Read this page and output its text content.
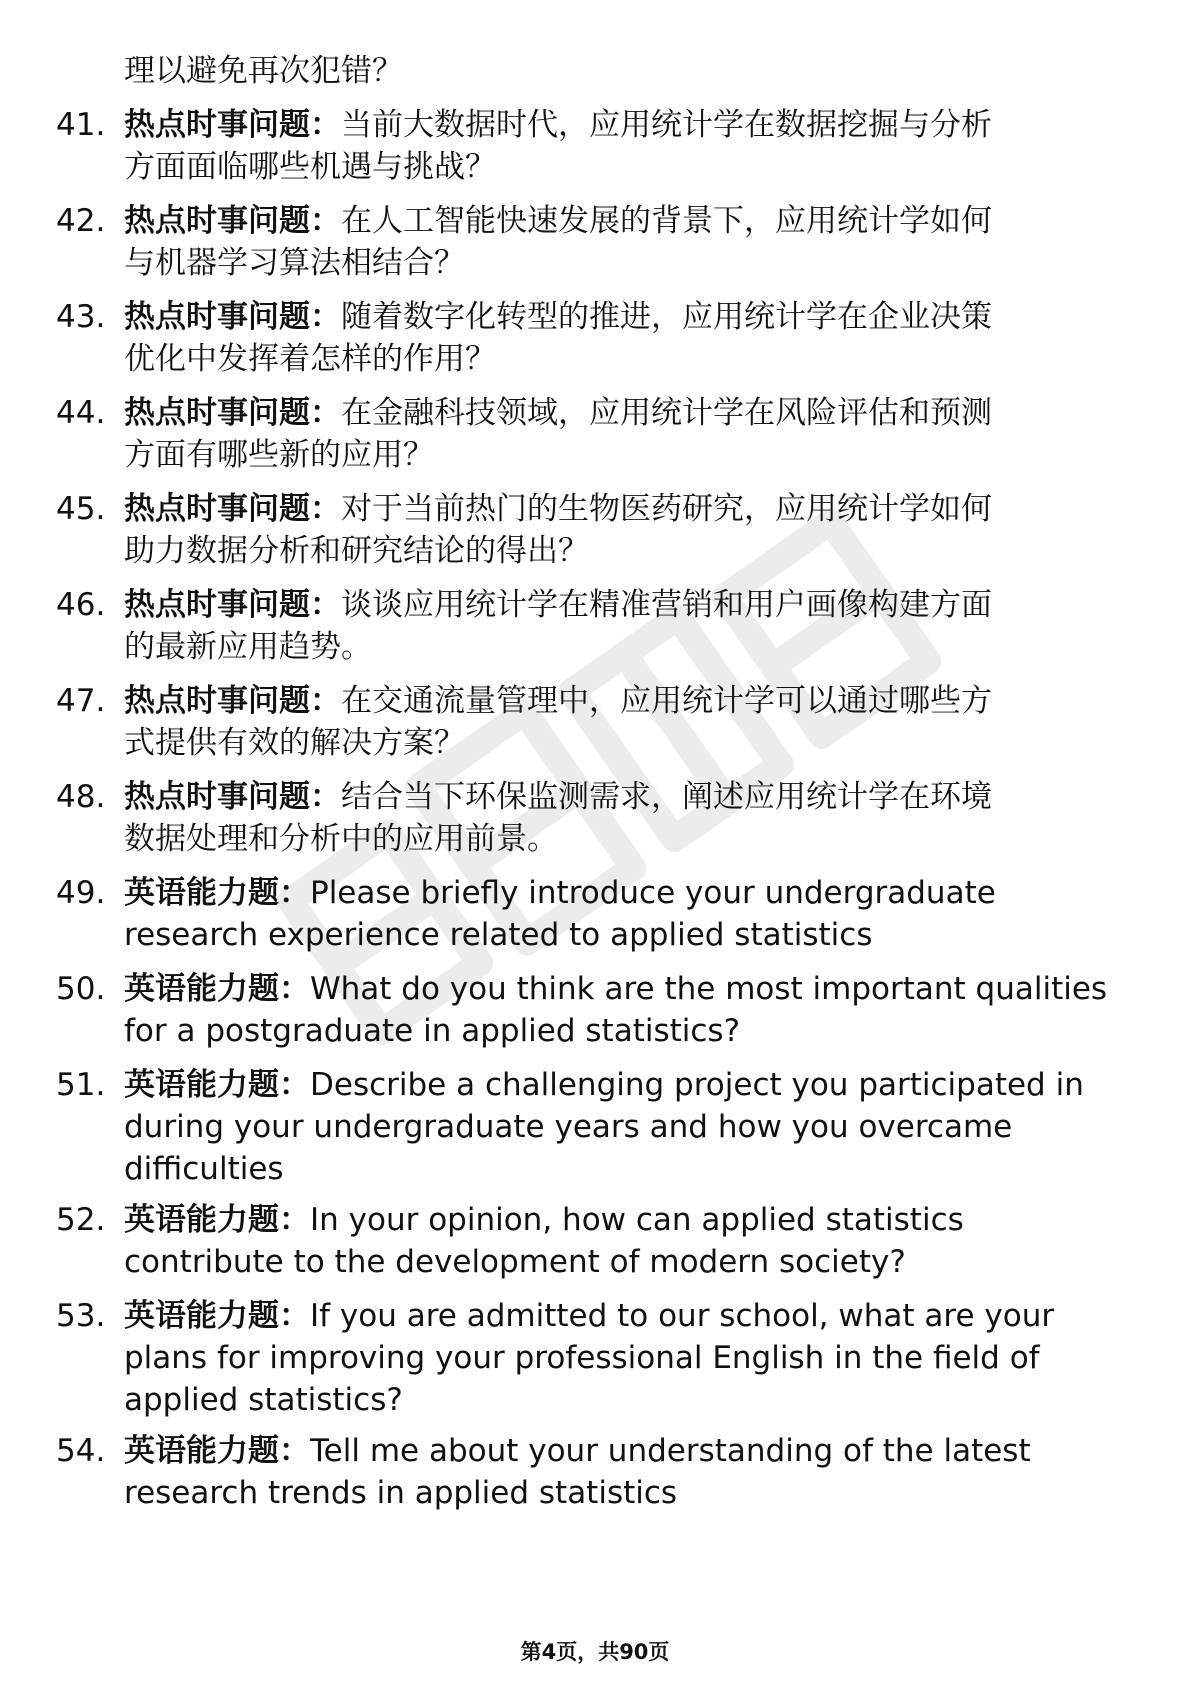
理以避免再次犯错？
41. 热点时事问题：当前大数据时代，应用统计学在数据挖掘与分析
方面面临哪些机遇与挑战？
42. 热点时事问题：在人工智能快速发展的背景下，应用统计学如何
与机器学习算法相结合？
43. 热点时事问题：随着数字化转型的推进，应用统计学在企业决策
优化中发挥着怎样的作用？
44. 热点时事问题：在金融科技领域，应用统计学在风险评估和预测
方面有哪些新的应用？
45. 热点时事问题：对于当前热门的生物医药研究，应用统计学如何
助力数据分析和研究结论的得出？
46. 热点时事问题：谈谈应用统计学在精准营销和用户画像构建方面
的最新应用趋势。
47. 热点时事问题：在交通流量管理中，应用统计学可以通过哪些方
式提供有效的解决方案？
48. 热点时事问题：结合当下环保监测需求，阐述应用统计学在环境
数据处理和分析中的应用前景。
49. 英语能力题：Please briefly introduce your undergraduate
research experience related to applied statistics
50. 英语能力题：What do you think are the most important qualities
for a postgraduate in applied statistics?
51. 英语能力题：Describe a challenging project you participated in
during your undergraduate years and how you overcame
difficulties
52. 英语能力题：In your opinion, how can applied statistics
contribute to the development of modern society?
53. 英语能力题：If you are admitted to our school, what are your
plans for improving your professional English in the field of
applied statistics?
54. 英语能力题：Tell me about your understanding of the latest
research trends in applied statistics
第4页，共90页
